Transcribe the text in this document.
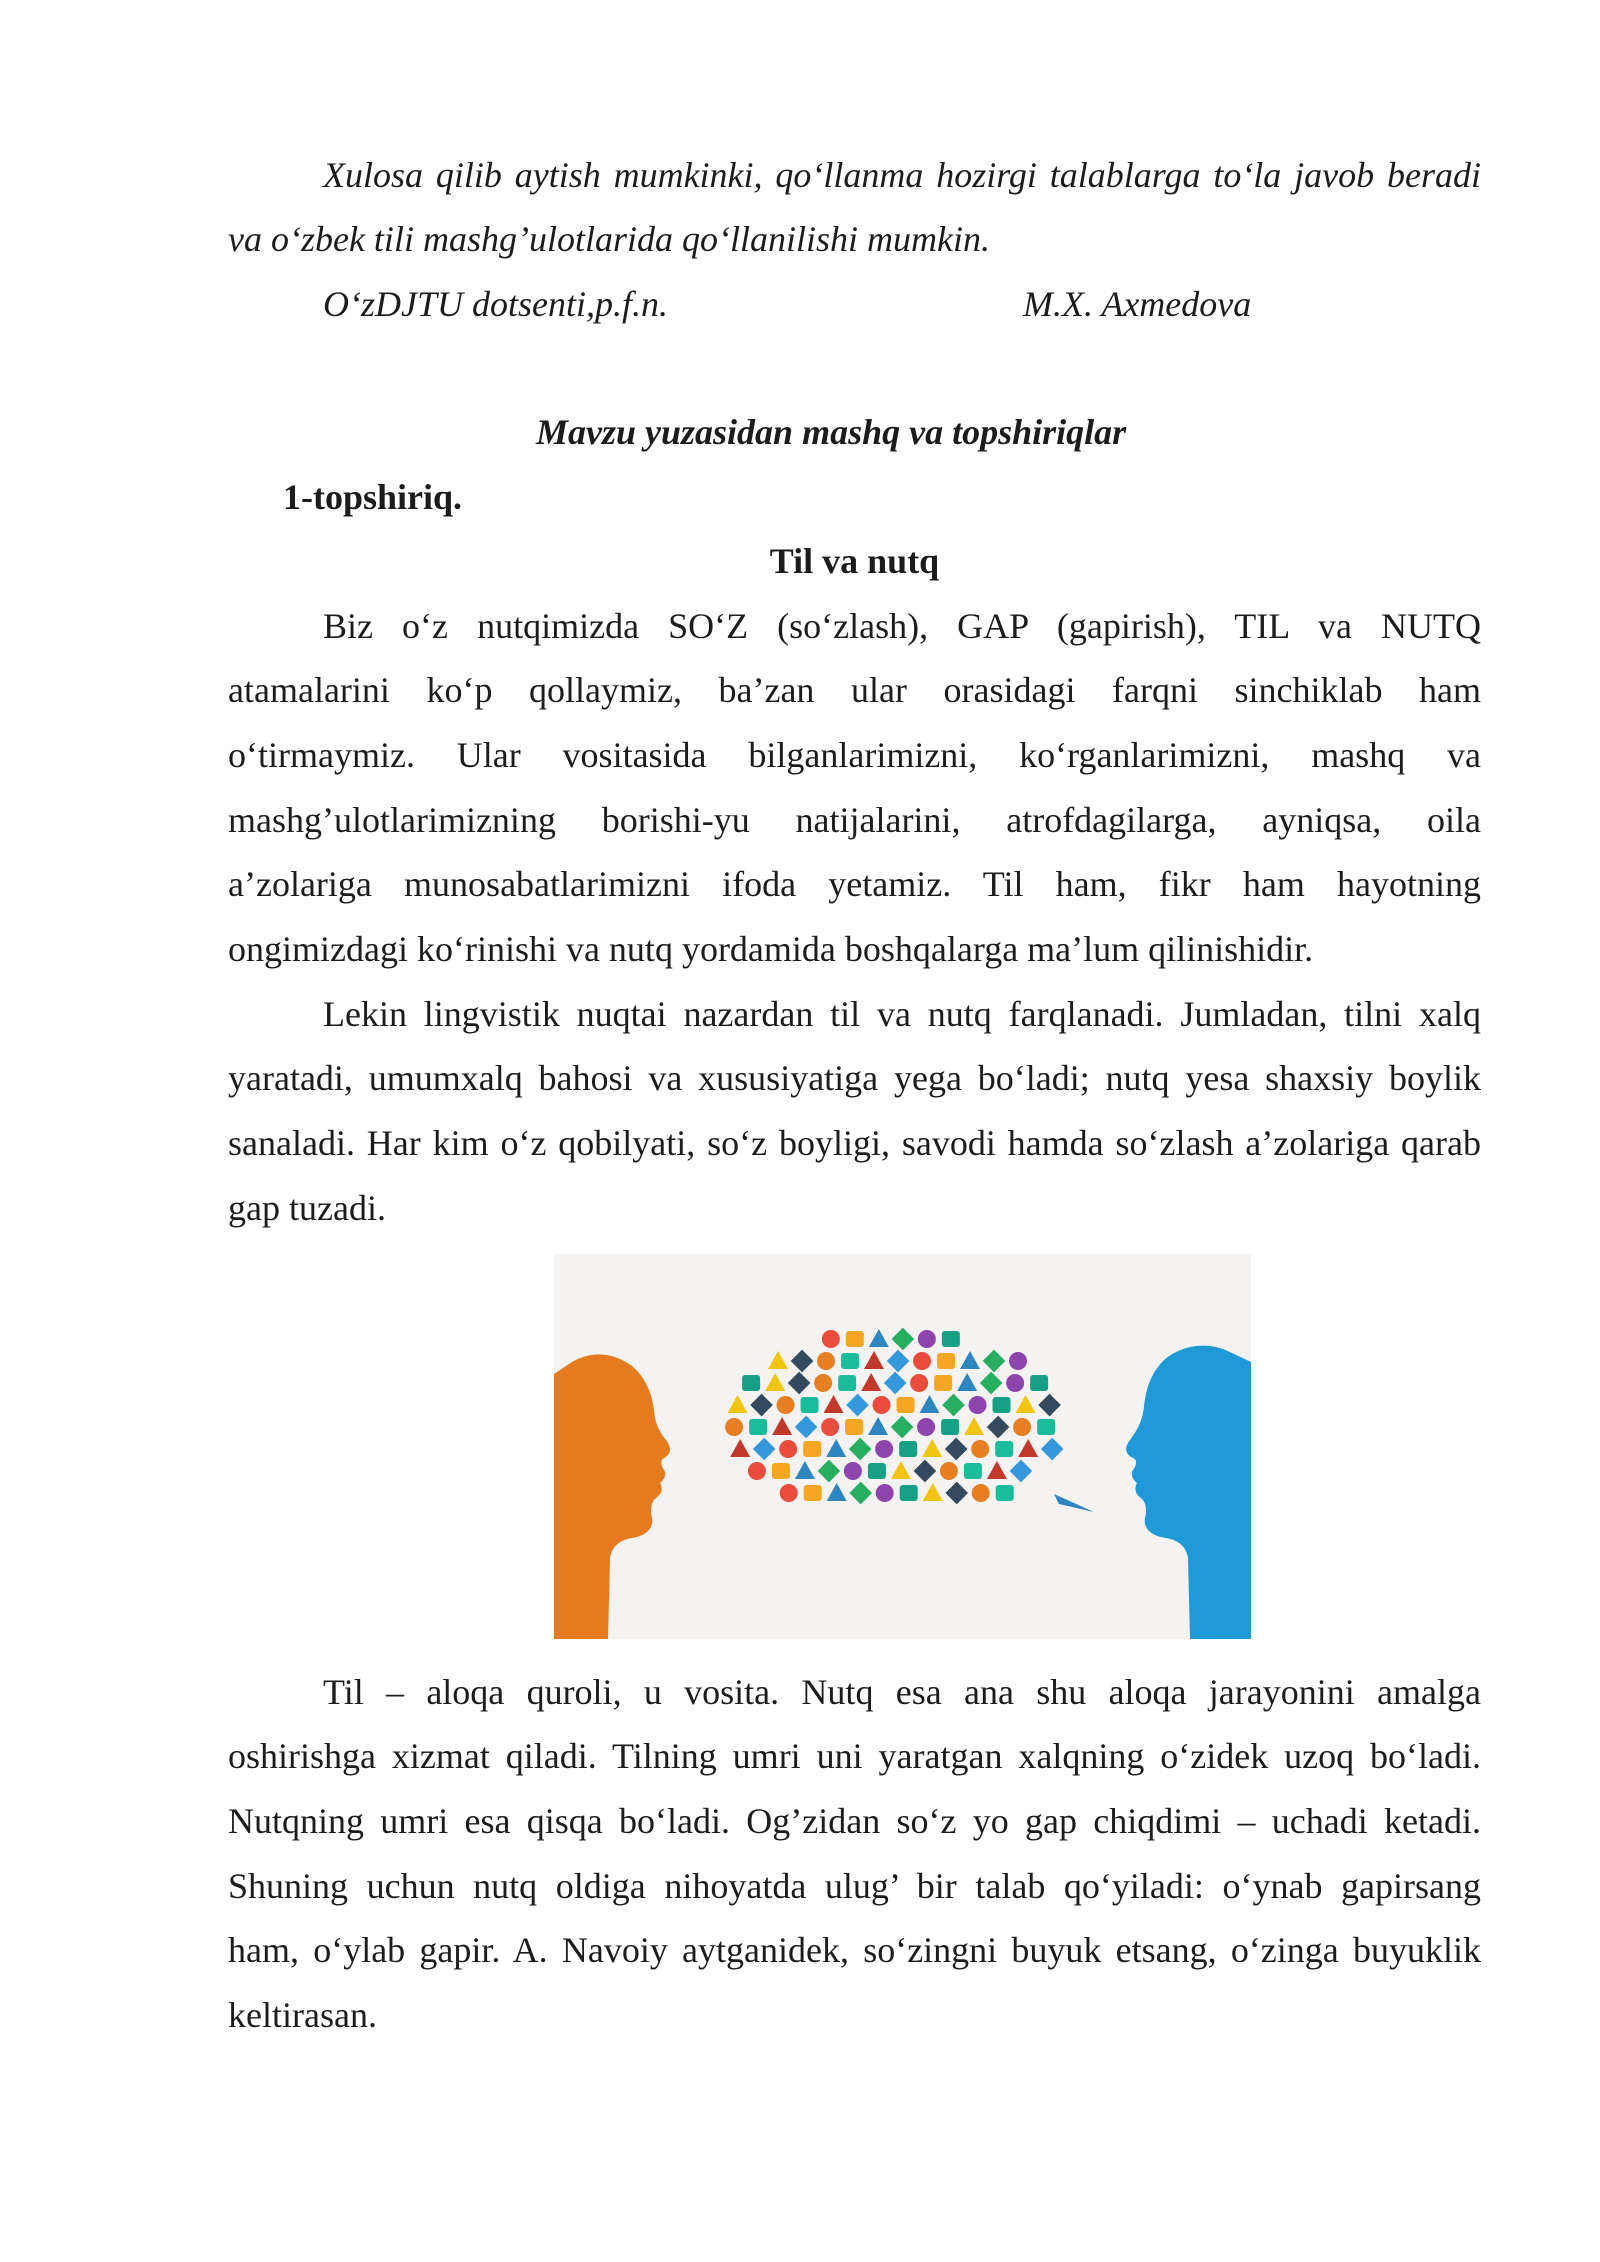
Xulosa qilib aytish mumkinki, qo‘llanma hozirgi talablarga to‘la javob beradi
va o‘zbek tili mashg’ulotlarida qo‘llanilishi mumkin.
O‘zDJTU dotsenti,p.f.n.	M.X. Axmedova
Mavzu yuzasidan mashq va topshiriqlar
1-topshiriq.
Til va nutq
Biz o‘z nutqimizda SO‘Z (so‘zlash), GAP (gapirish), TIL va NUTQ
atamalarini ko‘p qollaymiz, ba’zan ular orasidagi farqni sinchiklab ham
o‘tirmaymiz. Ular vositasida bilganlarimizni, ko‘rganlarimizni, mashq va
mashg’ulotlarimizning borishi-yu natijalarini, atrofdagilarga, ayniqsa, oila
a’zolariga munosabatlarimizni ifoda yetamiz. Til ham, fikr ham hayotning
ongimizdagi ko‘rinishi va nutq yordamida boshqalarga ma’lum qilinishidir.
Lekin lingvistik nuqtai nazardan til va nutq farqlanadi. Jumladan, tilni xalq
yaratadi, umumxalq bahosi va xususiyatiga yega bo‘ladi; nutq yesa shaxsiy boylik
sanaladi. Har kim o‘z qobilyati, so‘z boyligi, savodi hamda so‘zlash a’zolariga qarab
gap tuzadi.
Til – aloqa quroli, u vosita. Nutq esa ana shu aloqa jarayonini amalga
oshirishga xizmat qiladi. Tilning umri uni yaratgan xalqning o‘zidek uzoq bo‘ladi.
Nutqning umri esa qisqa bo‘ladi. Og’zidan so‘z yo gap chiqdimi – uchadi ketadi.
Shuning uchun nutq oldiga nihoyatda ulug’ bir talab qo‘yiladi: o‘ynab gapirsang
ham, o‘ylab gapir. A. Navoiy aytganidek, so‘zingni buyuk etsang, o‘zinga buyuklik
keltirasan.
